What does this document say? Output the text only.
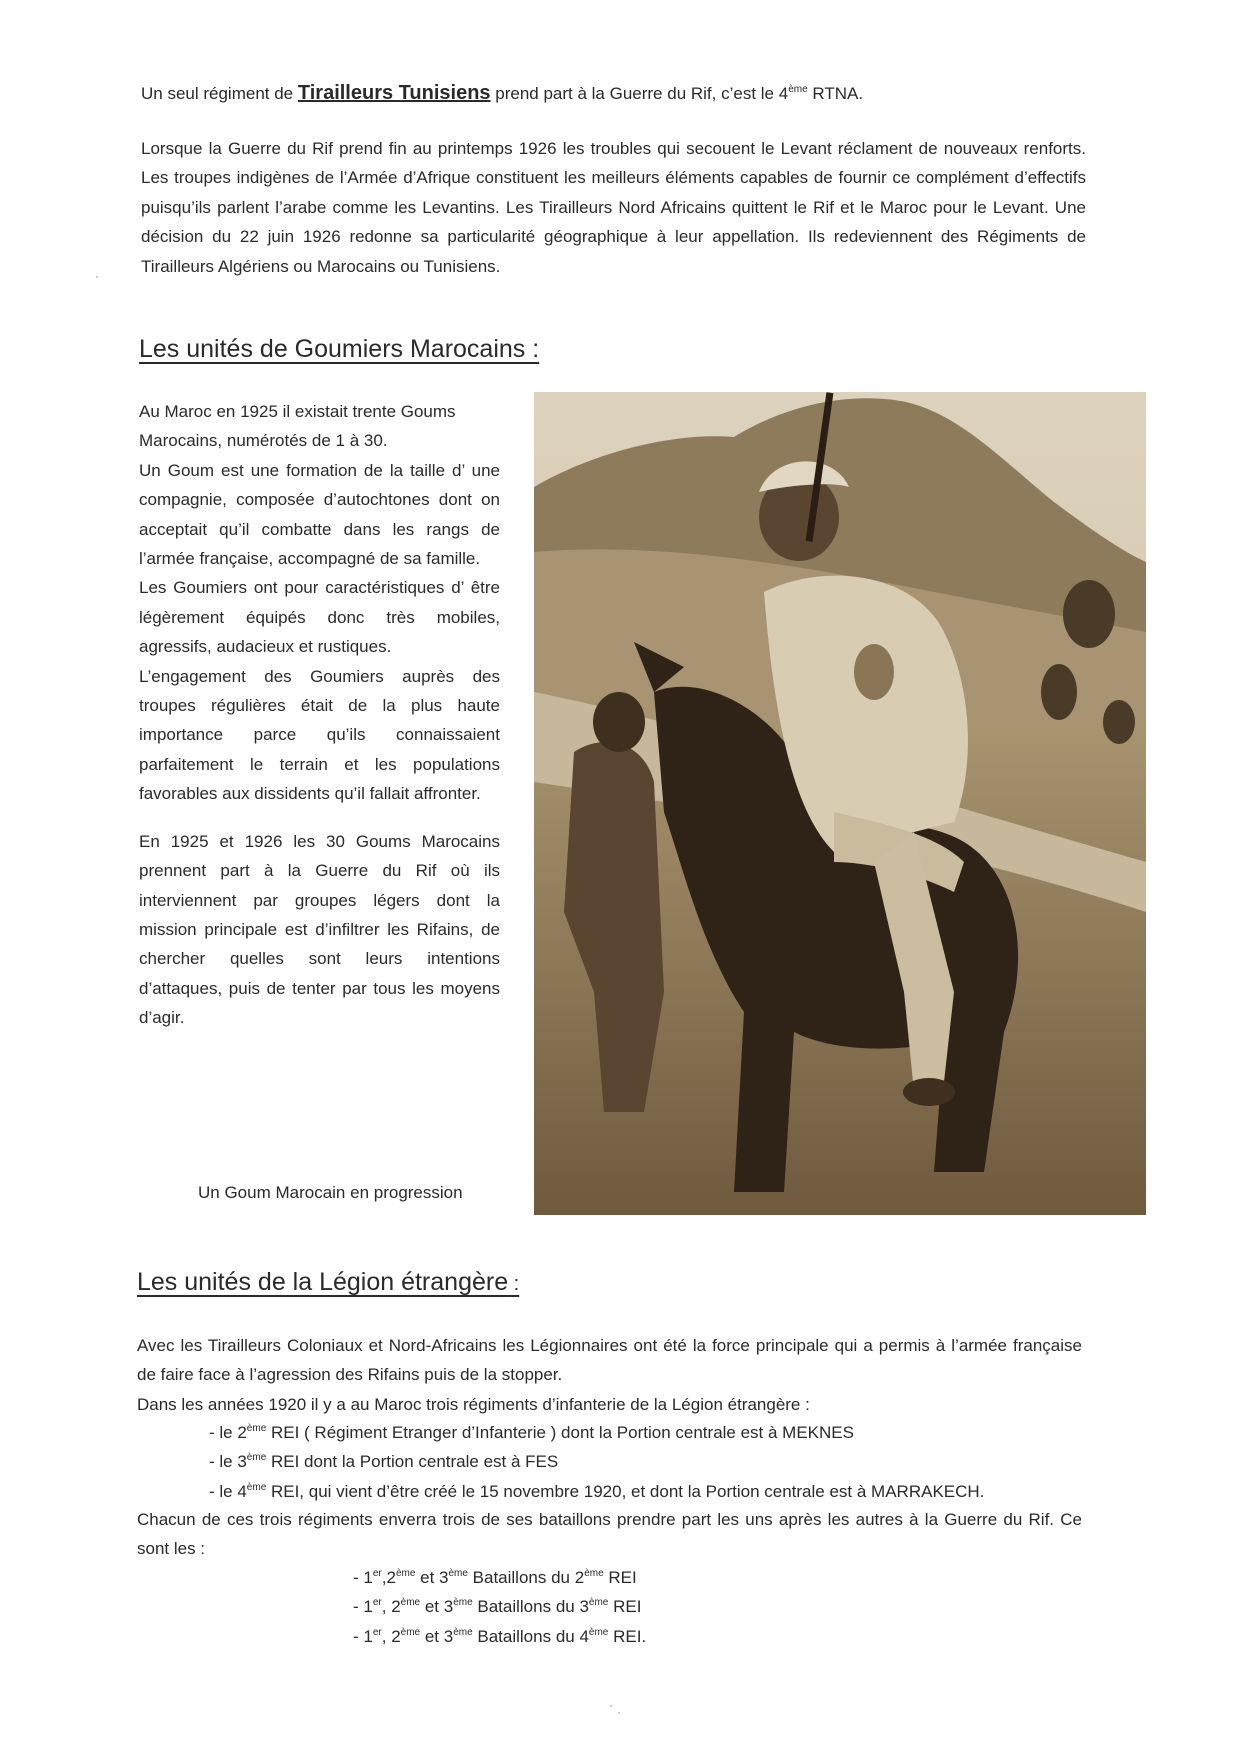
Un seul régiment de Tirailleurs Tunisiens prend part à la Guerre du Rif, c’est le 4ème RTNA.

Lorsque la Guerre du Rif prend fin au printemps 1926 les troubles qui secouent le Levant réclament de nouveaux renforts. Les troupes indigènes de l’Armée d’Afrique constituent les meilleurs éléments capables de fournir ce complément d’effectifs puisqu’ils parlent l’arabe comme les Levantins. Les Tirailleurs Nord Africains quittent le Rif et le Maroc pour le Levant. Une décision du 22 juin 1926 redonne sa particularité géographique à leur appellation. Ils redeviennent des Régiments de Tirailleurs Algériens ou Marocains ou Tunisiens.

Les unités de Goumiers Marocains :

Au Maroc en 1925 il existait trente Goums Marocains, numérotés de 1 à 30.

Un Goum est une formation de la taille d’ une compagnie, composée d’autochtones dont on acceptait qu’il combatte dans les rangs de l’armée française, accompagné de sa famille.

Les Goumiers ont pour caractéristiques d’ être légèrement équipés donc très mobiles, agressifs, audacieux et rustiques.

L’engagement des Goumiers auprès des troupes régulières était de la plus haute importance parce qu’ils connaissaient parfaitement le terrain et les populations favorables aux dissidents qu’il fallait affronter.

En 1925 et 1926 les 30 Goums Marocains prennent part à la Guerre du Rif où ils interviennent par groupes légers dont la mission principale est d’infiltrer les Rifains, de chercher quelles sont leurs intentions d’attaques, puis de tenter par tous les moyens d’agir.

Un Goum Marocain en progression
Les unités de la Légion étrangère :

Avec les Tirailleurs Coloniaux et Nord-Africains les Légionnaires ont été la force principale qui a permis à l’armée française de faire face à l’agression des Rifains puis de la stopper.

Dans les années 1920 il y a au Maroc trois régiments d’infanterie de la Légion étrangère :

- le 2ème REI ( Régiment Etranger d’Infanterie ) dont la Portion centrale est à MEKNES

- le 3ème REI dont la Portion centrale est à FES

- le 4ème REI, qui vient d’être créé le 15 novembre 1920, et dont la Portion centrale est à MARRAKECH.

Chacun de ces trois régiments enverra trois de ses bataillons prendre part les uns après les autres à la Guerre du Rif. Ce sont les :

- 1er,2ème et 3ème Bataillons du 2ème REI

- 1er, 2ème et 3ème Bataillons du 3ème REI

- 1er, 2ème et 3ème Bataillons du 4ème REI.
